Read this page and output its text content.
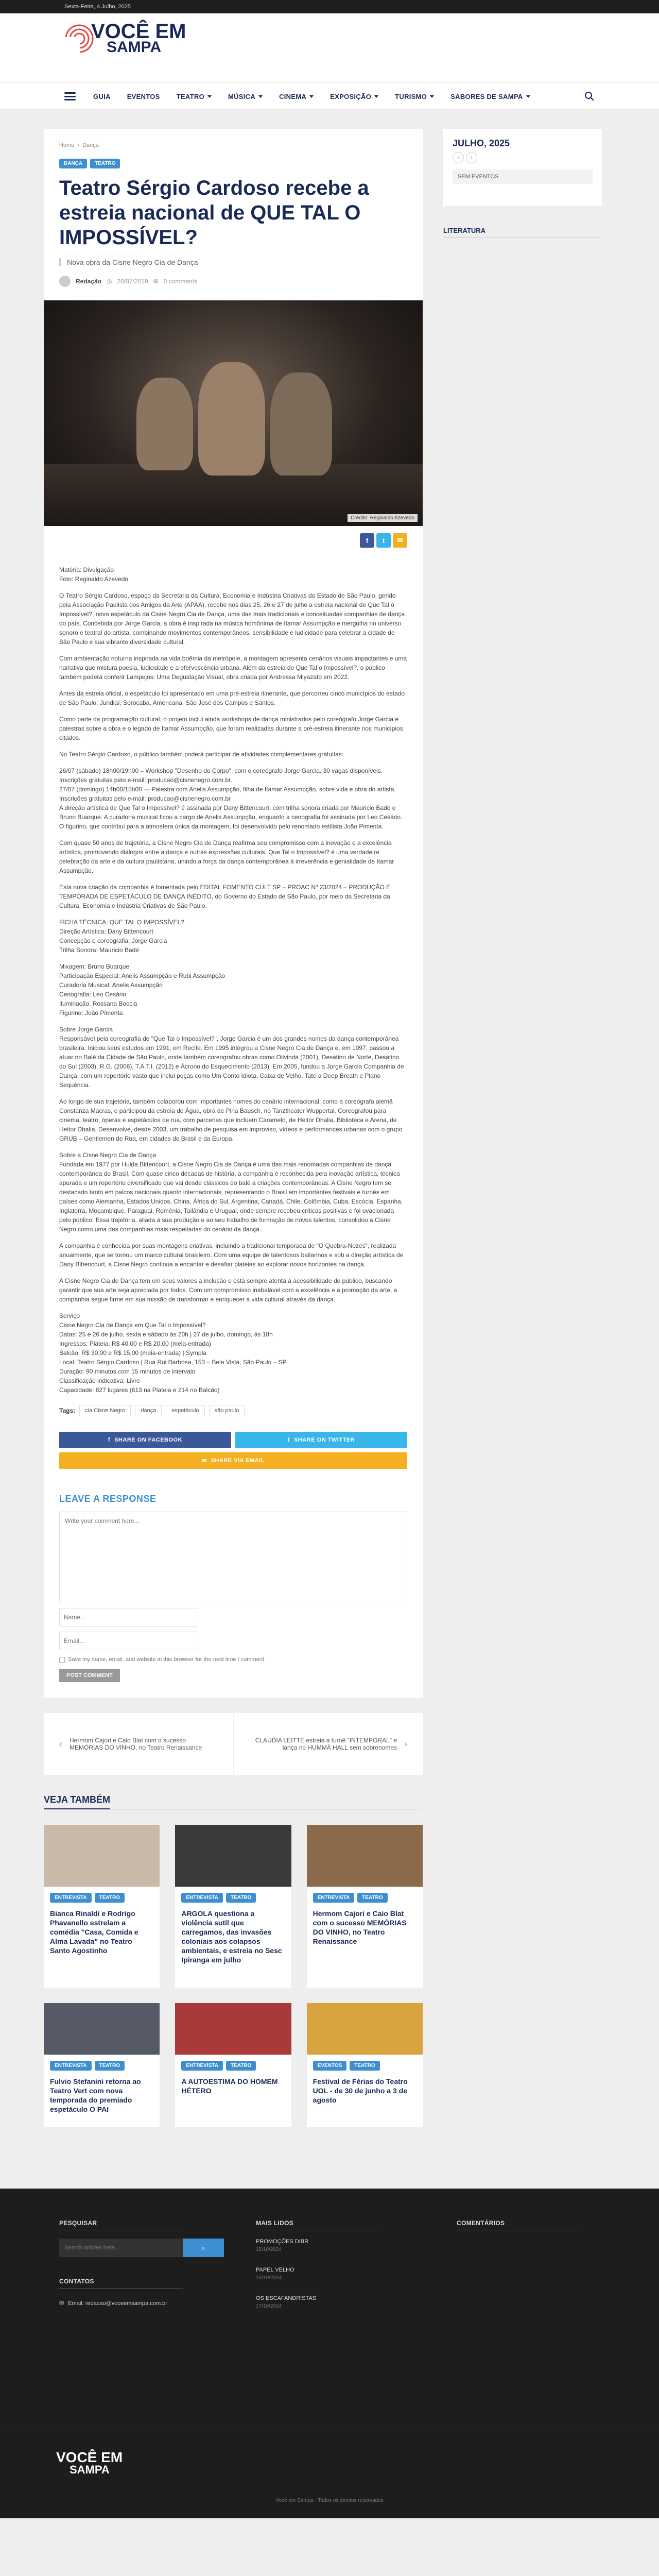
Sexta-Feira, 4 Julho, 2025
VOCÊ EM
SAMPA
GUIA EVENTOS TEATRO	MÚSICA	CINEMA	EXPOSIÇÃO	TURISMO	SABORES DE SAMPA
Home › Dança
DANÇA	TEATRO
Teatro Sérgio Cardoso recebe a estreia nacional de QUE TAL O IMPOSSÍVEL?
Nova obra da Cisne Negro Cia de Dança
Redação ◷ 20/07/2019 ✉ 0 comments
Crédito: Reginaldo Azevedo
f	t	✉

Matéria: Divulgação
Foto: Reginaldo Azevedo

O Teatro Sérgio Cardoso, espaço da Secretaria da Cultura, Economia e Indústria Criativas do Estado de São Paulo, gerido pela Associação Paulista dos Amigos da Arte (APAA), recebe nos dias 25, 26 e 27 de julho a estreia nacional de Que Tal o Impossível?, novo espetáculo da Cisne Negro Cia de Dança, uma das mais tradicionais e conceituadas companhias de dança do país. Concebida por Jorge Garcia, a obra é inspirada na música homônima de Itamar Assumpção e mergulha no universo sonoro e teatral do artista, combinando movimentos contemporâneos, sensibilidade e ludicidade para celebrar a cidade de São Paulo e sua vibrante diversidade cultural.

Com ambientação noturna inspirada na vida boêmia da metrópole, a montagem apresenta cenários visuais impactantes e uma narrativa que mistura poesia, ludicidade e a efervescência urbana. Além da estreia de Que Tal o Impossível?, o público também poderá conferir Lampejos: Uma Degustação Visual, obra criada por Andressa Miyazato em 2022.

Antes da estreia oficial, o espetáculo foi apresentado em uma pré-estreia itinerante, que percorreu cinco municípios do estado de São Paulo: Jundiaí, Sorocaba, Americana, São José dos Campos e Santos.

Como parte da programação cultural, o projeto inclui ainda workshops de dança ministrados pelo coreógrafo Jorge Garcia e palestras sobre a obra e o legado de Itamar Assumpção, que foram realizadas durante a pré-estreia itinerante nos municípios citados.

No Teatro Sérgio Cardoso, o público também poderá participar de atividades complementares gratuitas:

26/07 (sábado) 18h00/19h00 – Workshop "Desenho do Corpo", com o coreógrafo Jorge Garcia. 30 vagas disponíveis.
Inscrições gratuitas pelo e-mail: producao@cisnenegro.com.br.
27/07 (domingo) 14h00/15h00 — Palestra com Anelis Assumpção, filha de Itamar Assumpção, sobre vida e obra do artista.
Inscrições gratuitas pelo e-mail: producao@cisnenegro.com.br
A direção artística de Que Tal o Impossível? é assinada por Dany Bittencourt, com trilha sonora criada por Mauricio Badé e Bruno Buarque. A curadoria musical ficou a cargo de Anelis Assumpção, enquanto a cenografia foi assinada por Leo Cesário. O figurino, que contribui para a atmosfera única da montagem, foi desenvolvido pelo renomado estilista João Pimenta.

Com quase 50 anos de trajetória, a Cisne Negro Cia de Dança reafirma seu compromisso com a inovação e a excelência artística, promovendo diálogos entre a dança e outras expressões culturais. Que Tal o Impossível? é uma verdadeira celebração da arte e da cultura paulistana, unindo a força da dança contemporânea à irreverência e genialidade de Itamar Assumpção.

Esta nova criação da companhia é fomentada pelo EDITAL FOMENTO CULT SP – PROAC Nº 23/2024 – PRODUÇÃO E TEMPORADA DE ESPETÁCULO DE DANÇA INÉDITO, do Governo do Estado de São Paulo, por meio da Secretaria da Cultura, Economia e Indústria Criativas de São Paulo.

FICHA TÉCNICA: QUE TAL O IMPOSSÍVEL?
Direção Artística: Dany Bittencourt
Concepção e coreografia: Jorge Garcia
Trilha Sonora: Mauricio Badé

Mixagem: Bruno Buarque
Participação Especial: Anelis Assumpção e Rubi Assumpção
Curadoria Musical: Anelis Assumpção
Cenografia: Leo Cesário
Iluminação: Rossana Boccia
Figurino: João Pimenta

Sobre Jorge Garcia
Responsável pela coreografia de "Que Tal o Impossível?", Jorge Garcia é um dos grandes nomes da dança contemporânea brasileira. Iniciou seus estudos em 1991, em Recife. Em 1995 integrou a Cisne Negro Cia de Dança e, em 1997, passou a atuar no Balé da Cidade de São Paulo, onde também coreografou obras como Olivinda (2001), Desatino de Norte, Desatino do Sul (2003), R.G. (2006), T.A.T.I. (2012) e Ácrono do Esquecimento (2013). Em 2005, fundou a Jorge Garcia Companhia de Dança, com um repertório vasto que inclui peças como Um Conto Idiota, Caixa de Velho, Tate a Deep Breath e Plano Sequência.

Ao longo de sua trajetória, também colaborou com importantes nomes do cenário internacional, como a coreógrafa alemã Constanza Macras, e participou da estreia de Água, obra de Pina Bausch, no Tanztheater Wuppertal. Coreografou para cinema, teatro, óperas e espetáculos de rua, com parcerias que incluem Caramelo, de Heitor Dhalia, Biblioteca e Arena, de Heitor Dhalia. Desenvolve, desde 2003, um trabalho de pesquisa em improviso, vídeos e performances urbanas com o grupo GRUB – Gentlemen de Rua, em cidades do Brasil e da Europa.

Sobre a Cisne Negro Cia de Dança
Fundada em 1977 por Hulda Bittencourt, a Cisne Negro Cia de Dança é uma das mais renomadas companhias de dança contemporânea do Brasil. Com quase cinco décadas de história, a companhia é reconhecida pela inovação artística, técnica apurada e um repertório diversificado que vai desde clássicos do balé a criações contemporâneas. A Cisne Negro tem se destacado tanto em palcos nacionais quanto internacionais, representando o Brasil em importantes festivais e turnês em países como Alemanha, Estados Unidos, China, África do Sul, Argentina, Canadá, Chile, Colômbia, Cuba, Escócia, Espanha, Inglaterra, Moçambique, Paraguai, Romênia, Tailândia e Uruguai, onde sempre recebeu críticas positivas e foi ovacionada pelo público. Essa trajetória, aliada à sua produção e ao seu trabalho de formação de novos talentos, consolidou a Cisne Negro como uma das companhias mais respeitadas do cenário da dança.

A companhia é conhecida por suas montagens criativas, incluindo a tradicional temporada de "O Quebra-Nozes", realizada anualmente, que se tornou um marco cultural brasileiro. Com uma equipe de talentosos bailarinos e sob a direção artística de Dany Bittencourt, a Cisne Negro continua a encantar e desafiar plateias ao explorar novos horizontes na dança.

A Cisne Negro Cia de Dança tem em seus valores a inclusão e está sempre atenta à acessibilidade do público, buscando garantir que sua arte seja apreciada por todos. Com um compromisso inabalável com a excelência e a promoção da arte, a companhia segue firme em sua missão de transformar e enriquecer a vida cultural através da dança.

Serviço
Cisne Negro Cia de Dança em Que Tal o Impossível?
Datas: 25 e 26 de julho, sexta e sábado às 20h | 27 de julho, domingo, às 18h
Ingressos: Plateia: R$ 40,00 e R$ 20,00 (meia-entrada)
Balcão: R$ 30,00 e R$ 15,00 (meia-entrada) | Sympla
Local: Teatro Sérgio Cardoso | Rua Rui Barbosa, 153 – Bela Vista, São Paulo – SP
Duração: 90 minutos com 15 minutos de intervalo
Classificação indicativa: Livre
Capacidade: 827 lugares (613 na Plateia e 214 no Balcão)

Tags:	cia Cisne Negro	dança	espetáculo	são paulo
f SHARE ON FACEBOOK	t SHARE ON TWITTER
✉ SHARE VIA EMAIL
LEAVE A RESPONSE
Write your comment here...
Name...
Email...
Save my name, email, and website in this browser for the next time I comment.
POST COMMENT
‹ Hermom Cajori e Caio Blat com o sucesso MEMÓRIAS DO VINHO, no Teatro Renaissance
CLAUDIA LEITTE estreia a turnê "INTEMPORAL" e lança no HUMMÁ HALL sem sobrenomes ›
VEJA TAMBÉM
ENTREVISTA	TEATRO
Bianca Rinaldi e Rodrigo Phavanello estrelam a comédia "Casa, Comida e Alma Lavada" no Teatro Santo Agostinho
ENTREVISTA	TEATRO
ARGOLA questiona a violência sutil que carregamos, das invasões coloniais aos colapsos ambientais, e estreia no Sesc Ipiranga em julho
ENTREVISTA	TEATRO
Hermom Cajori e Caio Blat com o sucesso MEMÓRIAS DO VINHO, no Teatro Renaissance
ENTREVISTA	TEATRO
Fulvio Stefanini retorna ao Teatro Vert com nova temporada do premiado espetáculo O PAI
ENTREVISTA	TEATRO
A AUTOESTIMA DO HOMEM HÉTERO
EVENTOS	TEATRO
Festival de Férias do Teatro UOL - de 30 de junho a 3 de agosto
JULHO, 2025
‹	›
SEM EVENTOS
LITERATURA
PESQUISAR
Search articles here...
⌕
CONTATOS
✉ Email: redacao@voceemsampa.com.br
MAIS LIDOS
PROMOÇÕES DIBR
15/10/2024
PAPEL VELHO
15/10/2024
OS ESCAFANDRISTAS
17/10/2024
COMENTÁRIOS
VOCÊ EM
SAMPA
Você em Sampa - Todos os direitos reservados
